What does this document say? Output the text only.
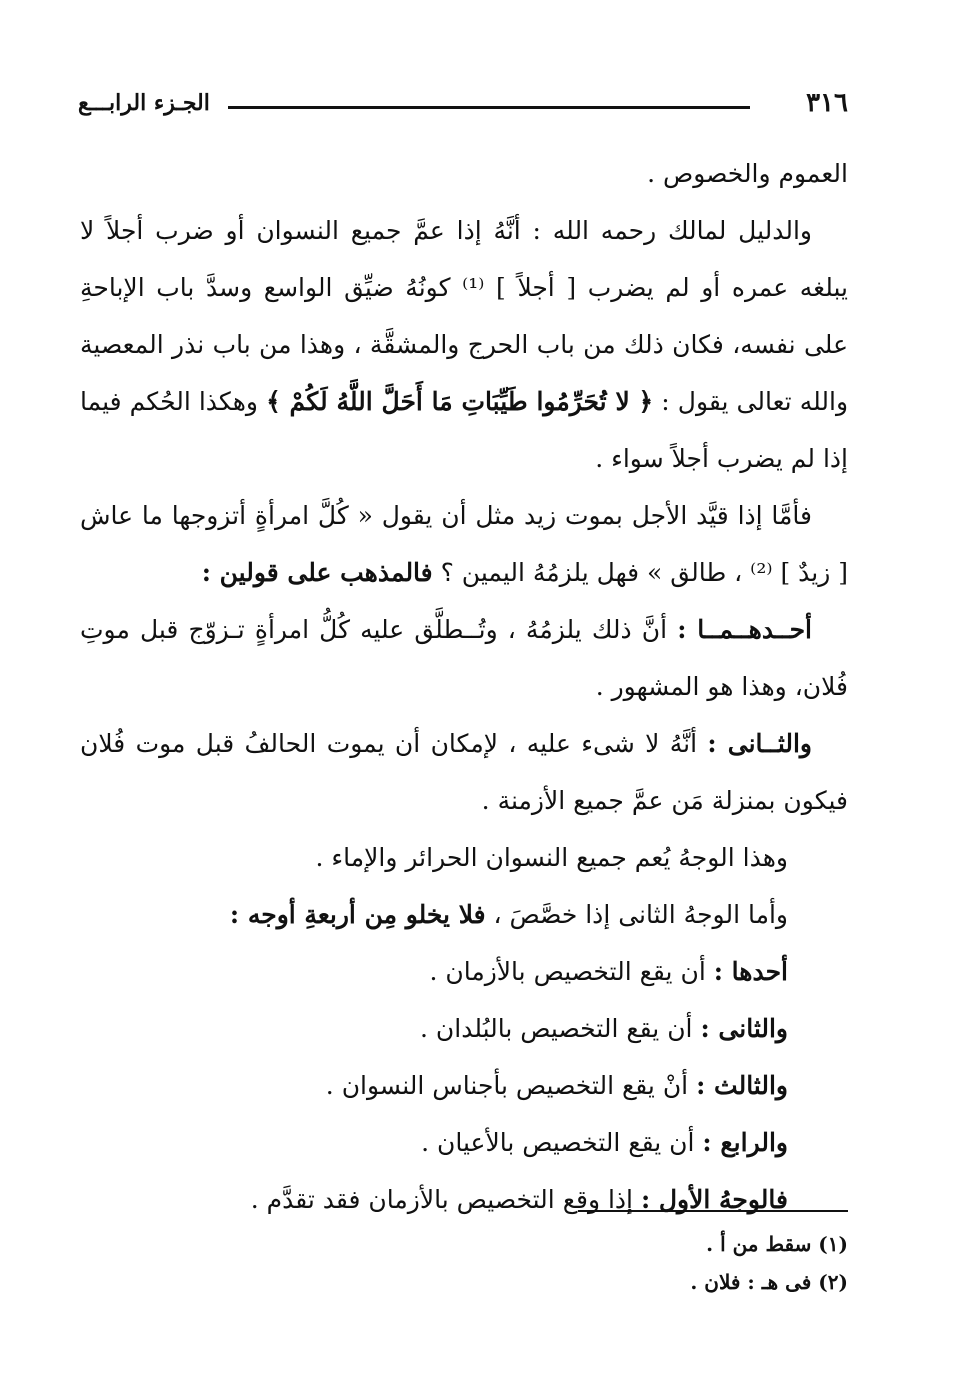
٣١٦
الجـزء الرابـــع

العموم والخصوص .

والدليل لمالك رحمه الله : أنَّهُ إذا عمَّ جميع النسوان أو ضرب أجلاً لا يبلغه عمره أو لم يضرب [ أجلاً ] ⁽¹⁾ كونُهُ ضيِّق الواسع وسدَّ باب الإباحةِ على نفسه، فكان ذلك من باب الحرج والمشقَّة ، وهذا من باب نذر المعصية والله تعالى يقول : ﴿ لا تُحَرِّمُوا طَيِّبَاتِ مَا أَحَلَّ اللَّهُ لَكُمْ ﴾ وهكذا الحُكم فيما إذا لم يضرب أجلاً سواء .

فأمَّا إذا قيَّد الأجل بموت زيد مثل أن يقول « كُلَّ امرأةٍ أتزوجها ما عاش [ زيدٌ ] ⁽²⁾ ، طالق » فهل يلزمُهُ اليمين ؟ فالمذهب على قولين :

أحــدهــمــا : أنَّ ذلك يلزمُهُ ، وتُــطلَّق عليه كُلُّ امرأةٍ تـزوّج قبل موتِ فُلان، وهذا هو المشهور .

والثــانى : أنَّهُ لا شىء عليه ، لإمكان أن يموت الحالفُ قبل موت فُلان فيكون بمنزلة مَن عمَّ جميع الأزمنة .

وهذا الوجهُ يُعم جميع النسوان الحرائر والإماء .

وأما الوجهُ الثانى إذا خصَّصَ ، فلا يخلو مِن أربعةِ أوجه :

أحدها : أن يقع التخصيص بالأزمان .

والثانى : أن يقع التخصيص بالبُلدان .

والثالث : أنْ يقع التخصيص بأجناس النسوان .

والرابع : أن يقع التخصيص بالأعيان .

فالوجهُ الأول : إذا وقع التخصيص بالأزمان فقد تقدَّم .

(١) سقط من أ .

(٢) فى هـ : فلان .
